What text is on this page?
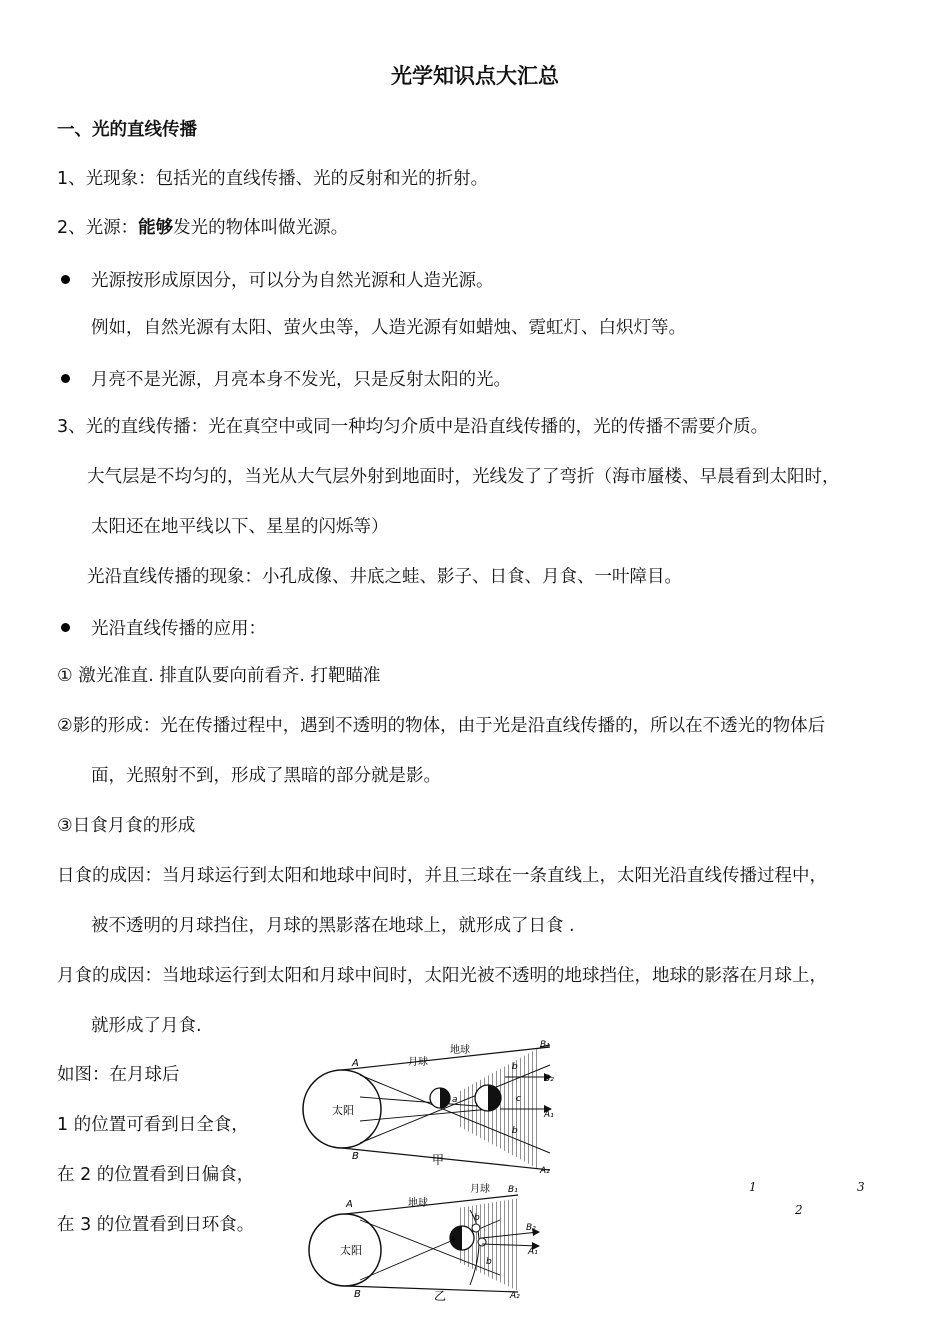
光学知识点大汇总
一、光的直线传播
1、光现象：包括光的直线传播、光的反射和光的折射。
2、光源：能够发光的物体叫做光源。
光源按形成原因分，可以分为自然光源和人造光源。
例如，自然光源有太阳、萤火虫等，人造光源有如蜡烛、霓虹灯、白炽灯等。
月亮不是光源，月亮本身不发光，只是反射太阳的光。
3、光的直线传播：光在真空中或同一种均匀介质中是沿直线传播的，光的传播不需要介质。
大气层是不均匀的，当光从大气层外射到地面时，光线发了了弯折（海市蜃楼、早晨看到太阳时，
太阳还在地平线以下、星星的闪烁等）
光沿直线传播的现象：小孔成像、井底之蛙、影子、日食、月食、一叶障目。
光沿直线传播的应用：
① 激光准直. 排直队要向前看齐. 打靶瞄准
②影的形成：光在传播过程中，遇到不透明的物体，由于光是沿直线传播的，所以在不透光的物体后
面，光照射不到，形成了黑暗的部分就是影。
③日食月食的形成
日食的成因：当月球运行到太阳和地球中间时，并且三球在一条直线上，太阳光沿直线传播过程中，
被不透明的月球挡住，月球的黑影落在地球上，就形成了日食 .
月食的成因：当地球运行到太阳和月球中间时，太阳光被不透明的地球挡住，地球的影落在月球上，
就形成了月食.
如图：在月球后
1 的位置可看到日全食，
在 2 的位置看到日偏食，
在 3 的位置看到日环食。
太阳
A
B
月球
地球	B₁
B₂
A₁
A₂
a
b
b
c
甲
太阳
A
B
地球
月球 B₁
B₂
A₁
A₂
b
b
a
乙
1
2
3
